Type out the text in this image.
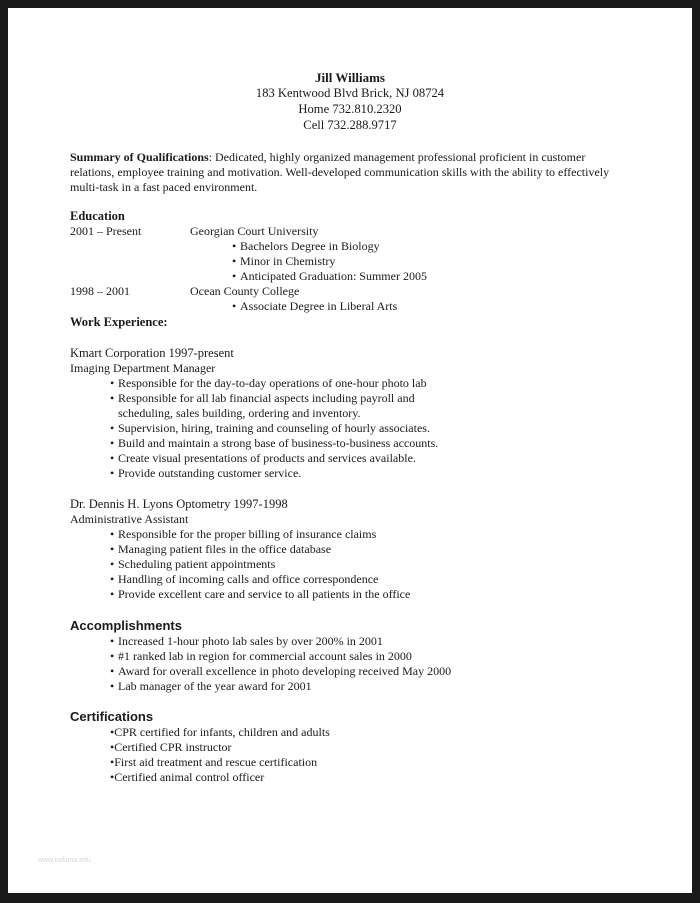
Jill Williams
183 Kentwood Blvd Brick, NJ 08724
Home 732.810.2320
Cell 732.288.9717
Summary of Qualifications: Dedicated, highly organized management professional proficient in customer
relations, employee training and motivation. Well-developed communication skills with the ability to effectively
multi-task in a fast paced environment.
Education
2001 – Present	Georgian Court University
• Bachelors Degree in Biology
• Minor in Chemistry
• Anticipated Graduation: Summer 2005
1998 – 2001	Ocean County College
• Associate Degree in Liberal Arts
Work Experience:
Kmart Corporation 1997-present
Imaging Department Manager
• Responsible for the day-to-day operations of one-hour photo lab
• Responsible for all lab financial aspects including payroll and
scheduling, sales building, ordering and inventory.
• Supervision, hiring, training and counseling of hourly associates.
• Build and maintain a strong base of business-to-business accounts.
• Create visual presentations of products and services available.
• Provide outstanding customer service.
Dr. Dennis H. Lyons Optometry 1997-1998
Administrative Assistant
• Responsible for the proper billing of insurance claims
• Managing patient files in the office database
• Scheduling patient appointments
• Handling of incoming calls and office correspondence
• Provide excellent care and service to all patients in the office
Accomplishments
• Increased 1-hour photo lab sales by over 200% in 2001
• #1 ranked lab in region for commercial account sales in 2000
• Award for overall excellence in photo developing received May 2000
• Lab manager of the year award for 2001
Certifications
• CPR certified for infants, children and adults
• Certified CPR instructor
• First aid treatment and rescue certification
• Certified animal control officer
www.indiana.edu
